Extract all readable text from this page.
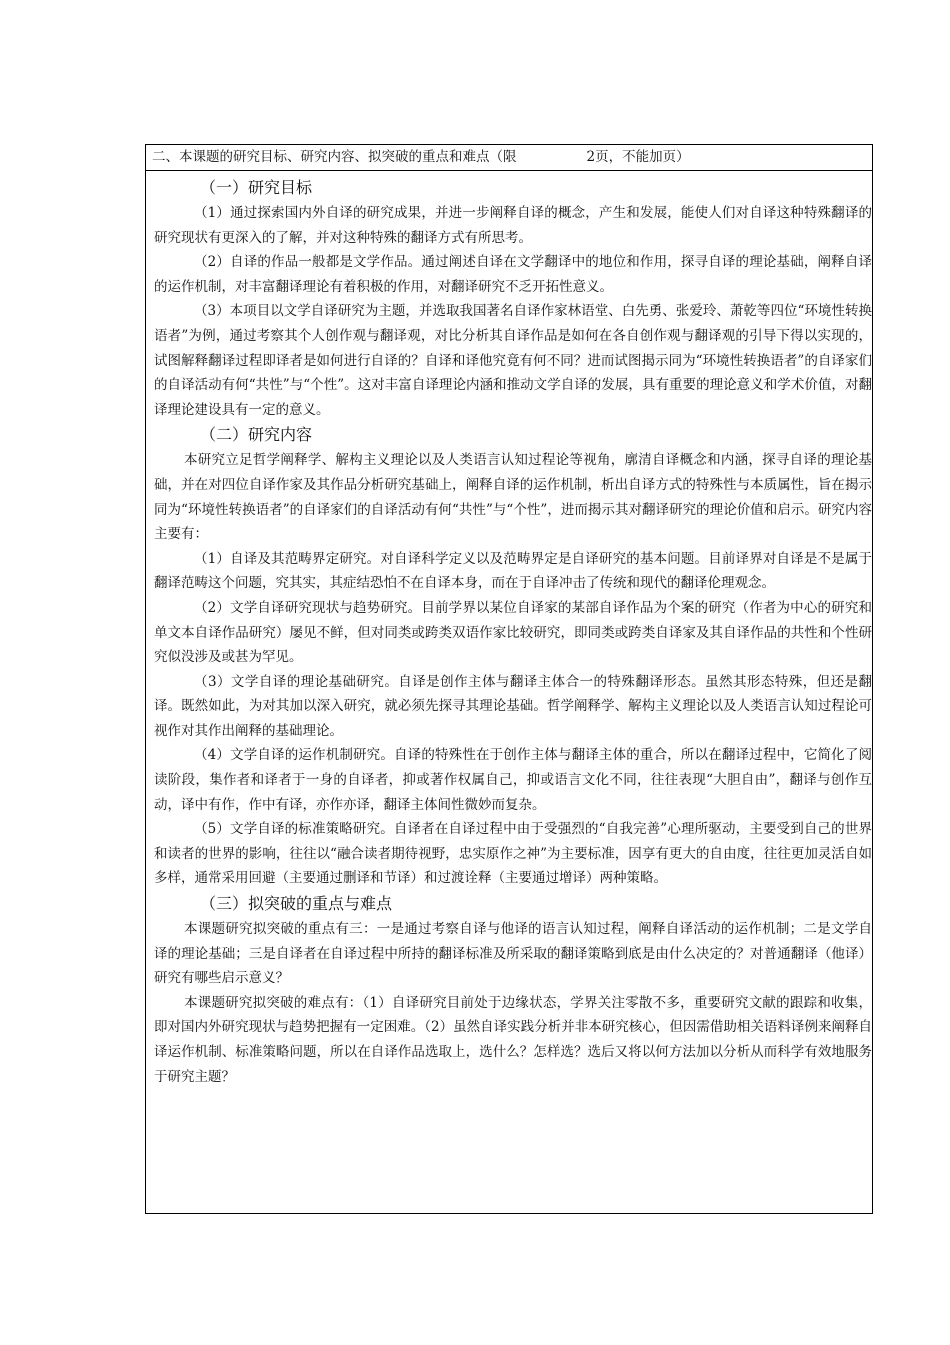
二、本课题的研究目标、研究内容、拟突破的重点和难点（限	2页，不能加页）
（一）研究目标

（1）通过探索国内外自译的研究成果，并进一步阐释自译的概念，产生和发展，能使人们对自译这种特殊翻译的研究现状有更深入的了解，并对这种特殊的翻译方式有所思考。

（2）自译的作品一般都是文学作品。通过阐述自译在文学翻译中的地位和作用，探寻自译的理论基础，阐释自译的运作机制，对丰富翻译理论有着积极的作用，对翻译研究不乏开拓性意义。

（3）本项目以文学自译研究为主题，并选取我国著名自译作家林语堂、白先勇、张爱玲、萧乾等四位“环境性转换语者”为例，通过考察其个人创作观与翻译观，对比分析其自译作品是如何在各自创作观与翻译观的引导下得以实现的，试图解释翻译过程即译者是如何进行自译的？自译和译他究竟有何不同？进而试图揭示同为“环境性转换语者”的自译家们的自译活动有何“共性”与“个性”。这对丰富自译理论内涵和推动文学自译的发展，具有重要的理论意义和学术价值，对翻译理论建设具有一定的意义。

（二）研究内容

本研究立足哲学阐释学、解构主义理论以及人类语言认知过程论等视角，廓清自译概念和内涵，探寻自译的理论基础，并在对四位自译作家及其作品分析研究基础上，阐释自译的运作机制，析出自译方式的特殊性与本质属性，旨在揭示同为“环境性转换语者”的自译家们的自译活动有何“共性”与“个性”，进而揭示其对翻译研究的理论价值和启示。研究内容主要有：

（1）自译及其范畴界定研究。对自译科学定义以及范畴界定是自译研究的基本问题。目前译界对自译是不是属于翻译范畴这个问题，究其实，其症结恐怕不在自译本身，而在于自译冲击了传统和现代的翻译伦理观念。

（2）文学自译研究现状与趋势研究。目前学界以某位自译家的某部自译作品为个案的研究（作者为中心的研究和单文本自译作品研究）屡见不鲜，但对同类或跨类双语作家比较研究，即同类或跨类自译家及其自译作品的共性和个性研究似没涉及或甚为罕见。

（3）文学自译的理论基础研究。自译是创作主体与翻译主体合一的特殊翻译形态。虽然其形态特殊，但还是翻译。既然如此，为对其加以深入研究，就必须先探寻其理论基础。哲学阐释学、解构主义理论以及人类语言认知过程论可视作对其作出阐释的基础理论。

（4）文学自译的运作机制研究。自译的特殊性在于创作主体与翻译主体的重合，所以在翻译过程中，它简化了阅读阶段，集作者和译者于一身的自译者，抑或著作权属自己，抑或语言文化不同，往往表现“大胆自由”，翻译与创作互动，译中有作，作中有译，亦作亦译，翻译主体间性微妙而复杂。

（5）文学自译的标准策略研究。自译者在自译过程中由于受强烈的“自我完善”心理所驱动，主要受到自己的世界和读者的世界的影响，往往以“融合读者期待视野，忠实原作之神”为主要标准，因享有更大的自由度，往往更加灵活自如多样，通常采用回避（主要通过删译和节译）和过渡诠释（主要通过增译）两种策略。

（三）拟突破的重点与难点

本课题研究拟突破的重点有三：一是通过考察自译与他译的语言认知过程，阐释自译活动的运作机制；二是文学自译的理论基础；三是自译者在自译过程中所持的翻译标准及所采取的翻译策略到底是由什么决定的？对普通翻译（他译）研究有哪些启示意义？

本课题研究拟突破的难点有：（1）自译研究目前处于边缘状态，学界关注零散不多，重要研究文献的跟踪和收集，即对国内外研究现状与趋势把握有一定困难。（2）虽然自译实践分析并非本研究核心，但因需借助相关语料译例来阐释自译运作机制、标准策略问题，所以在自译作品选取上，选什么？怎样选？选后又将以何方法加以分析从而科学有效地服务于研究主题？
